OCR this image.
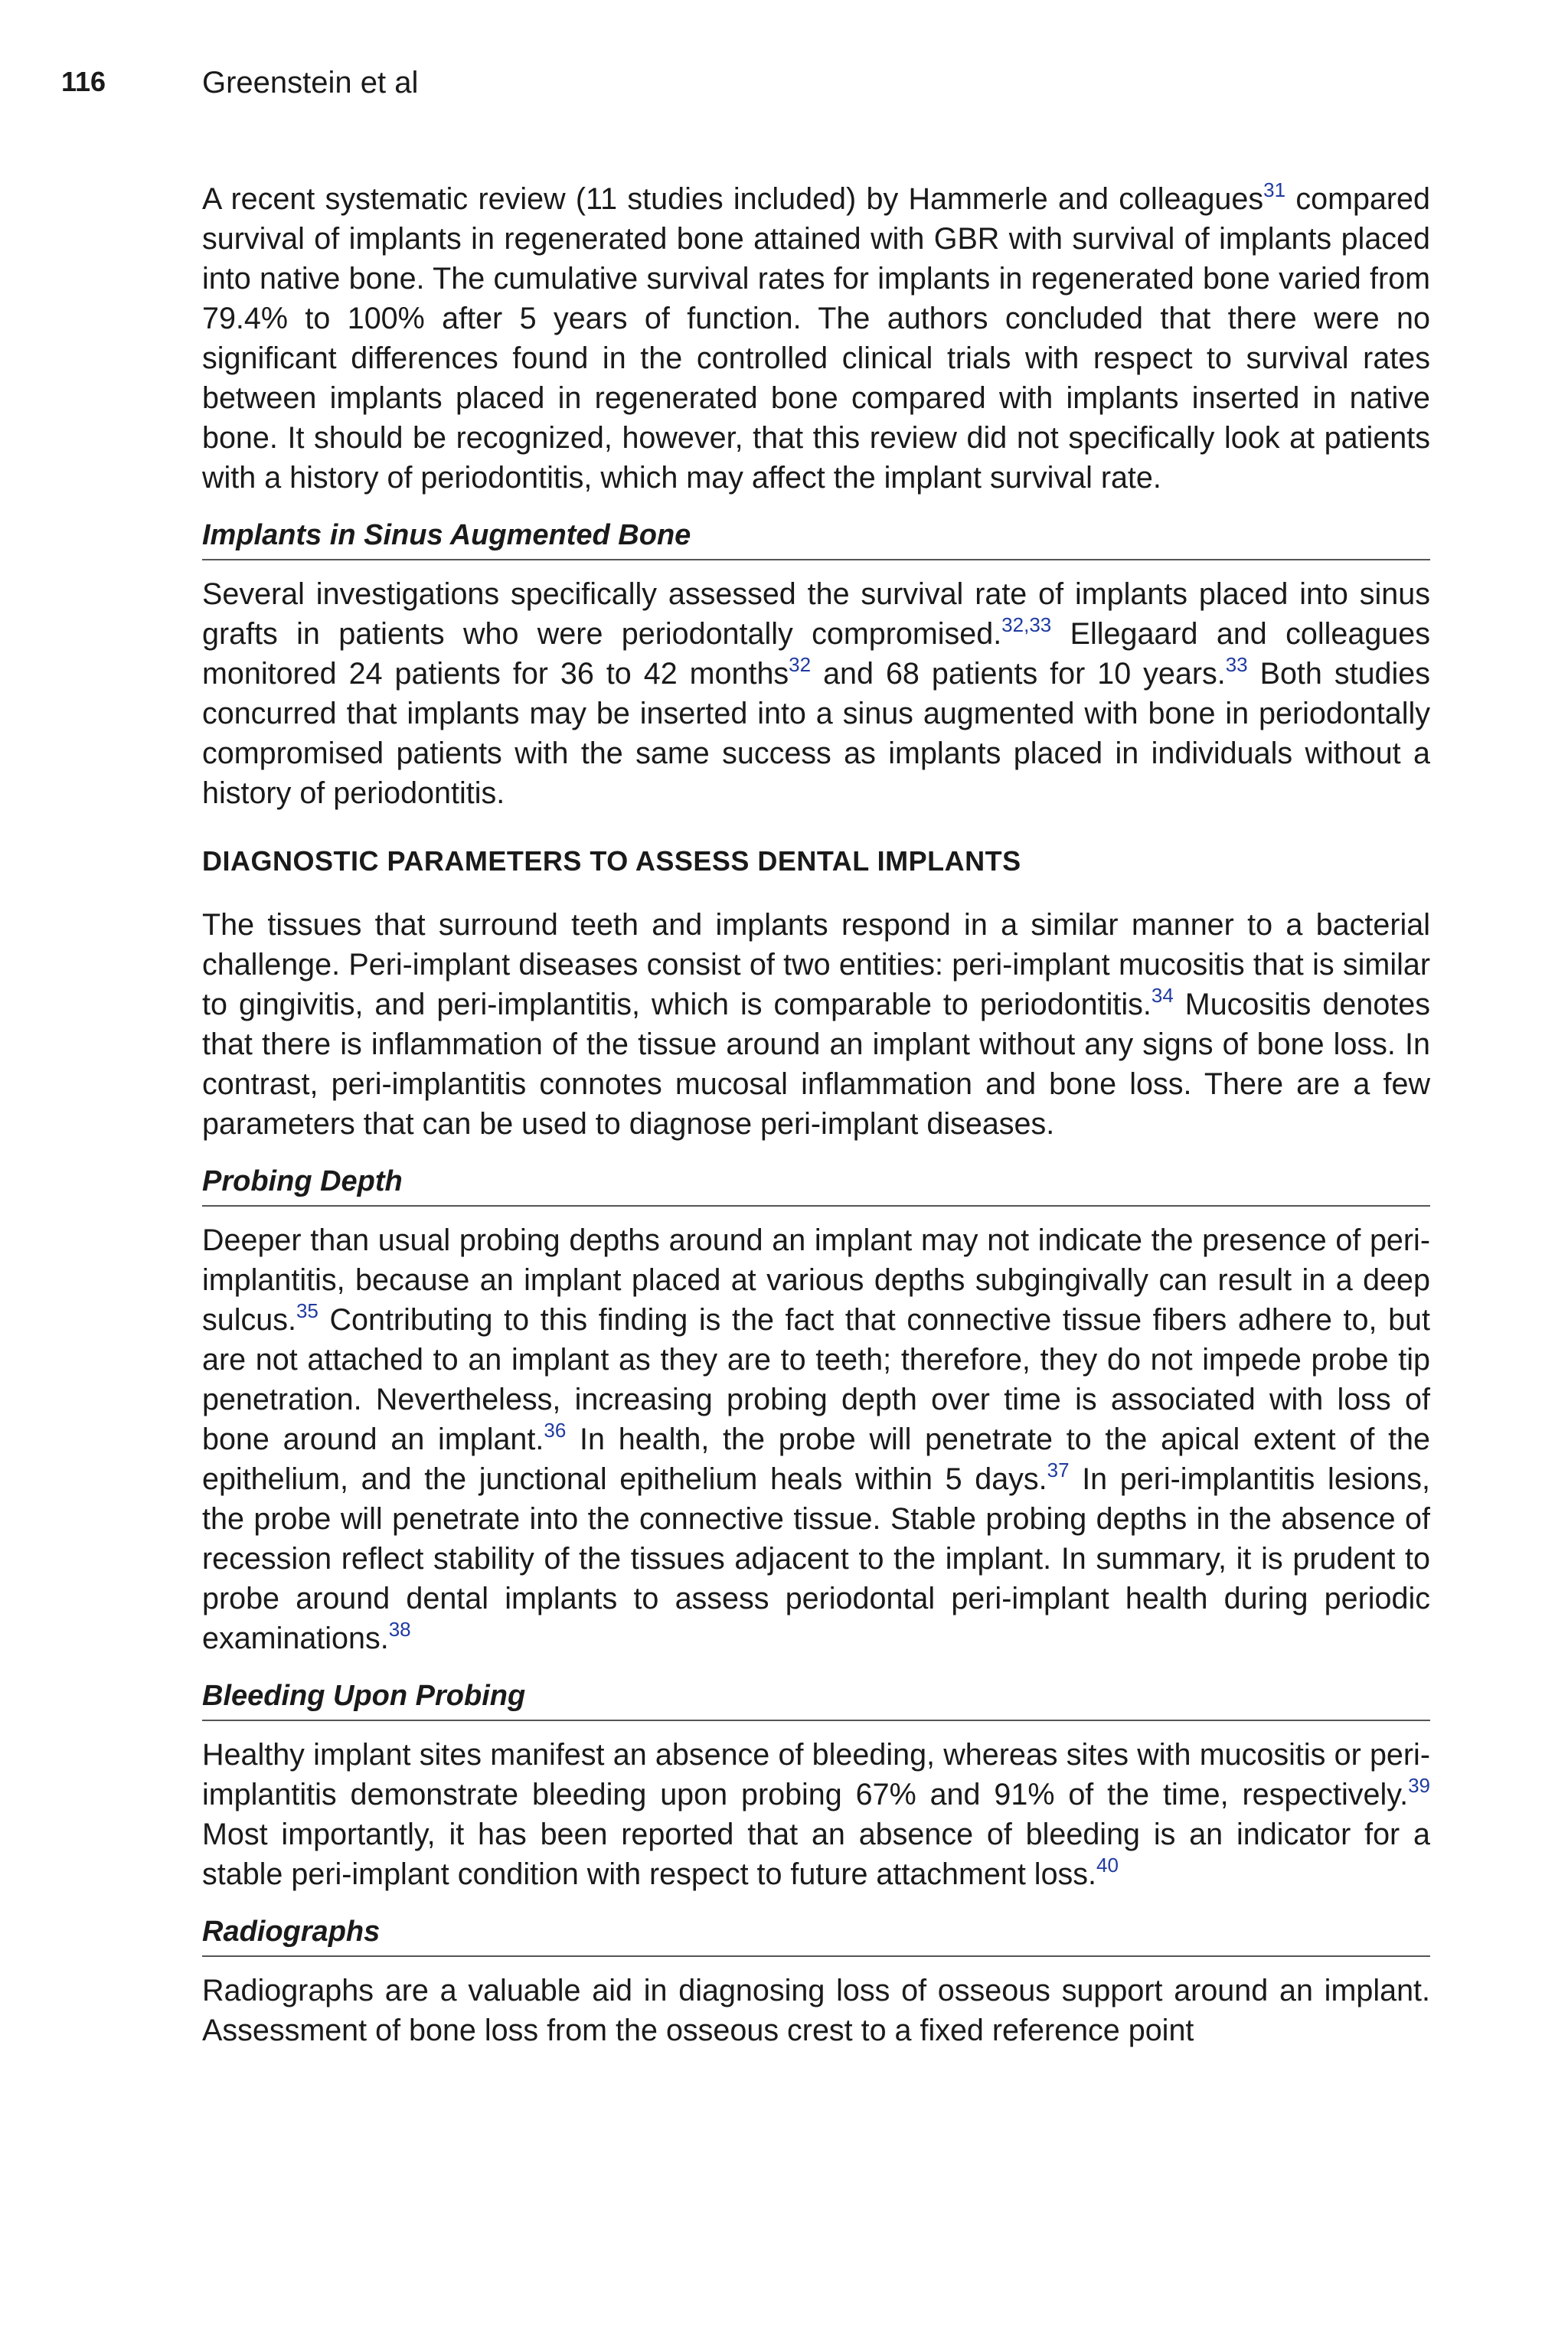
116	Greenstein et al

A recent systematic review (11 studies included) by Hammerle and colleagues$^{31}$ compared survival of implants in regenerated bone attained with GBR with survival of implants placed into native bone. The cumulative survival rates for implants in regenerated bone varied from 79.4% to 100% after 5 years of function. The authors concluded that there were no significant differences found in the controlled clinical trials with respect to survival rates between implants placed in regenerated bone compared with implants inserted in native bone. It should be recognized, however, that this review did not specifically look at patients with a history of periodontitis, which may affect the implant survival rate.

Implants in Sinus Augmented Bone

Several investigations specifically assessed the survival rate of implants placed into sinus grafts in patients who were periodontally compromised.$^{32,33}$ Ellegaard and colleagues monitored 24 patients for 36 to 42 months$^{32}$ and 68 patients for 10 years.$^{33}$ Both studies concurred that implants may be inserted into a sinus augmented with bone in periodontally compromised patients with the same success as implants placed in individuals without a history of periodontitis.

DIAGNOSTIC PARAMETERS TO ASSESS DENTAL IMPLANTS

The tissues that surround teeth and implants respond in a similar manner to a bacterial challenge. Peri-implant diseases consist of two entities: peri-implant mucositis that is similar to gingivitis, and peri-implantitis, which is comparable to periodontitis.$^{34}$ Mucositis denotes that there is inflammation of the tissue around an implant without any signs of bone loss. In contrast, peri-implantitis connotes mucosal inflammation and bone loss. There are a few parameters that can be used to diagnose peri-implant diseases.

Probing Depth

Deeper than usual probing depths around an implant may not indicate the presence of peri-implantitis, because an implant placed at various depths subgingivally can result in a deep sulcus.$^{35}$ Contributing to this finding is the fact that connective tissue fibers adhere to, but are not attached to an implant as they are to teeth; therefore, they do not impede probe tip penetration. Nevertheless, increasing probing depth over time is associated with loss of bone around an implant.$^{36}$ In health, the probe will penetrate to the apical extent of the epithelium, and the junctional epithelium heals within 5 days.$^{37}$ In peri-implantitis lesions, the probe will penetrate into the connective tissue. Stable probing depths in the absence of recession reflect stability of the tissues adjacent to the implant. In summary, it is prudent to probe around dental implants to assess periodontal peri-implant health during periodic examinations.$^{38}$

Bleeding Upon Probing

Healthy implant sites manifest an absence of bleeding, whereas sites with mucositis or peri-implantitis demonstrate bleeding upon probing 67% and 91% of the time, respectively.$^{39}$ Most importantly, it has been reported that an absence of bleeding is an indicator for a stable peri-implant condition with respect to future attachment loss.$^{40}$

Radiographs

Radiographs are a valuable aid in diagnosing loss of osseous support around an implant. Assessment of bone loss from the osseous crest to a fixed reference point
